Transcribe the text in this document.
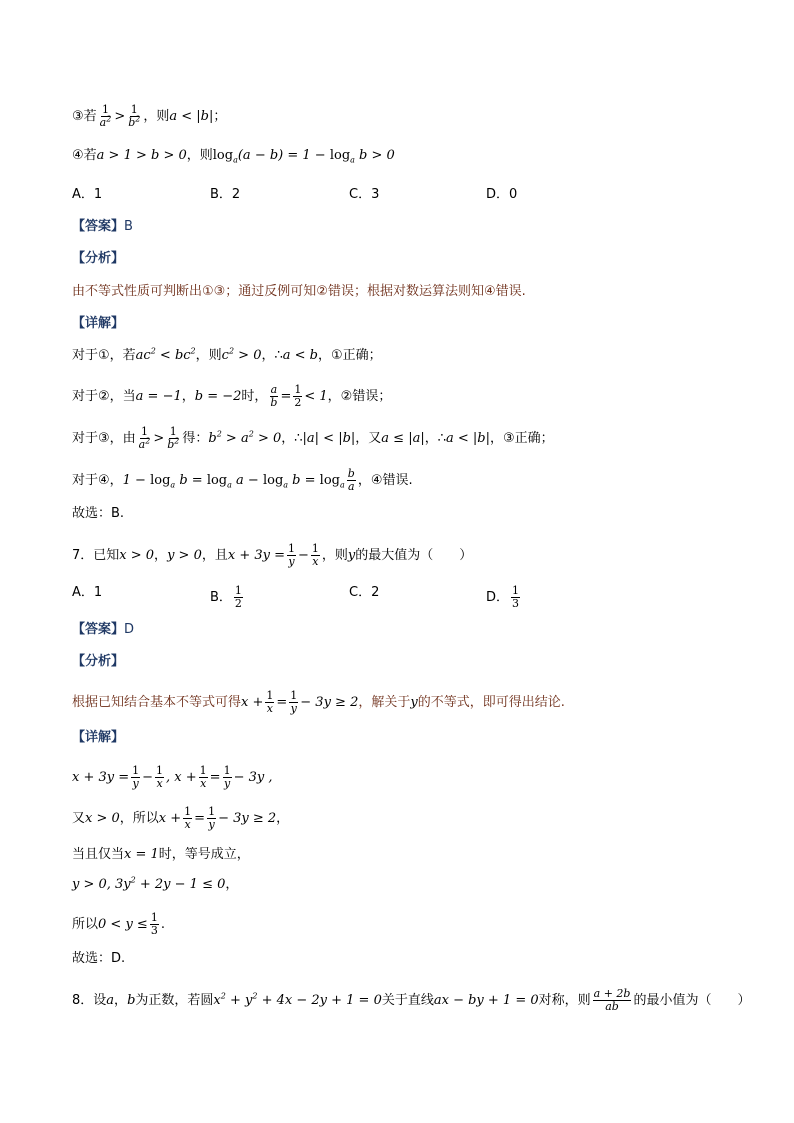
③若 $\frac{1}{a^2} > \frac{1}{b^2}$ ，则 a < |b| ；
④若 a > 1 > b > 0 ，则 $\log_a(a - b) = 1 - \log_a b > 0$
A．1	B．2	C．3	D．0
【答案】 B
【分析】
由不等式性质可判断出①③；通过反例可知②错误；根据对数运算法则知④错误.
【详解】
对于①，若 $ac^2 < bc^2$ ，则 $c^2 > 0$ ，∴ a < b ，①正确；
对于②，当 a = −1 ， b = −2 时， $\frac{a}{b} = \frac{1}{2} < 1$ ，②错误；
对于③，由 $\frac{1}{a^2} > \frac{1}{b^2}$ 得： $b^2 > a^2 > 0$ ，∴ |a| < |b| ，又 a ≤ |a| ，∴ a < |b| ，③正确；
对于④， $1 - \log_a b = \log_a a - \log_a b = \log_a \frac{b}{a}$ ，④错误.
故选：B.
7．已知 x > 0 ， y > 0 ，且 $x + 3y = \frac{1}{y} - \frac{1}{x}$ ，则 y 的最大值为（　　）
A．1	B． $\frac{1}{2}$	C．2	D． $\frac{1}{3}$
【答案】 D
【分析】
根据已知结合基本不等式可得 $x + \frac{1}{x} = \frac{1}{y} - 3y \ge 2$ ，解关于 y 的不等式，即可得出结论.
【详解】
$x + 3y = \frac{1}{y} - \frac{1}{x}$ , $x + \frac{1}{x} = \frac{1}{y} - 3y$ ,
又 x > 0 ，所以 $x + \frac{1}{x} = \frac{1}{y} - 3y \ge 2$ ，
当且仅当 x = 1 时，等号成立，
y > 0, $3y^2 + 2y - 1 \le 0$ ，
所以 $0 < y \le \frac{1}{3}$ .
故选：D.
8．设 a ， b 为正数，若圆 $x^2 + y^2 + 4x - 2y + 1 = 0$ 关于直线 ax − by + 1 = 0 对称，则 $\frac{a + 2b}{ab}$ 的最小值为（　　）
